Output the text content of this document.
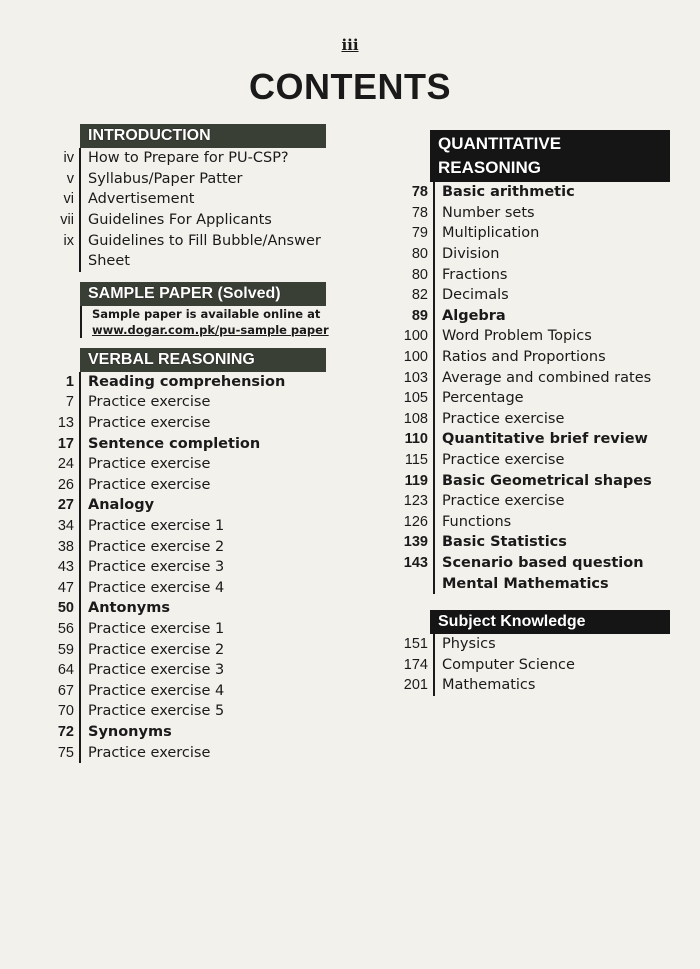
iii
CONTENTS
INTRODUCTION
iv How to Prepare for PU-CSP?
v Syllabus/Paper Patter
vi Advertisement
vii Guidelines For Applicants
ix Guidelines to Fill Bubble/Answer
Sheet
SAMPLE PAPER (Solved)
Sample paper is available online at
www.dogar.com.pk/pu-sample paper
VERBAL REASONING
1 Reading comprehension
7 Practice exercise
13 Practice exercise
17 Sentence completion
24 Practice exercise
26 Practice exercise
27 Analogy
34 Practice exercise 1
38 Practice exercise 2
43 Practice exercise 3
47 Practice exercise 4
50 Antonyms
56 Practice exercise 1
59 Practice exercise 2
64 Practice exercise 3
67 Practice exercise 4
70 Practice exercise 5
72 Synonyms
75 Practice exercise
QUANTITATIVE
REASONING
78 Basic arithmetic
78 Number sets
79 Multiplication
80 Division
80 Fractions
82 Decimals
89 Algebra
100 Word Problem Topics
100 Ratios and Proportions
103 Average and combined rates
105 Percentage
108 Practice exercise
110 Quantitative brief review
115 Practice exercise
119 Basic Geometrical shapes
123 Practice exercise
126 Functions
139 Basic Statistics
143 Scenario based question
Mental Mathematics
Subject Knowledge
151 Physics
174 Computer Science
201 Mathematics
